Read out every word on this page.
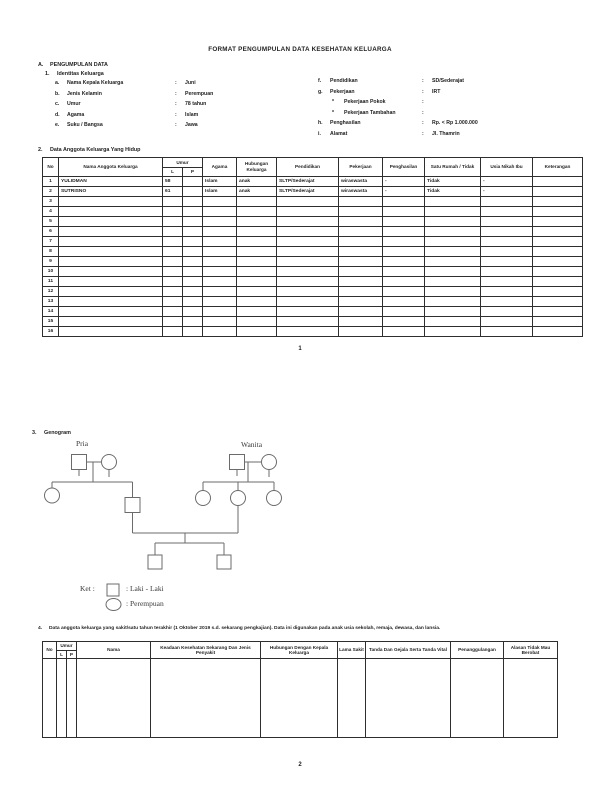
FORMAT PENGUMPULAN DATA KESEHATAN KELUARGA
A.	PENGUMPULAN DATA
1.	Identitas Keluarga
a.	Nama Kepala Keluarga	:	Juni
b.	Jenis Kelamin	:	Perempuan
c.	Umur	:	78 tahun
d.	Agama	:	Islam
e.	Suku / Bangsa	:	Jawa
f.	Pendidikan	:	SD/Sederajat
g.	Pekerjaan	:	IRT
*	Pekerjaan Pokok	:
*	Pekerjaan Tambahan	:
h.	Penghasilan	:	Rp. < Rp 1.000.000
i.	Alamat	:	Jl. Thamrin
2.	Data Anggota Keluarga Yang Hidup
No	Nama Anggota Keluarga	Umur		Agama	Hubungan Keluarga	Pendidikan	Pekerjaan	Penghasilan	Satu Rumah / Tidak	Usia Nikah Ibu	Keterangan
		L	P								
1	YULIDMAN	58		Islam	anak	SLTP/Sederajat	wiraswasta	-	Tidak	-	
2	SUTRISNO	61		Islam	anak	SLTP/Sederajat	wiraswasta	-	Tidak	-	
3											
4											
5											
6											
7											
8											
9											
10											
11											
12											
13											
14											
15											
16											
1
3.	Genogram
Pria	Wanita
Ket :	: Laki - Laki
: Perempuan
4.	Data anggota keluarga yang sakit/satu tahun terakhir (1 Oktober 2019 s.d. sekarang pengkajian). Data ini digunakan pada anak usia sekolah, remaja, dewasa, dan lansia.
No	Umur		Nama	Keadaan Kesehatan Sekarang Dan Jenis Penyakit	Hubungan Dengan Kepala Keluarga	Lama Sakit	Tanda Dan Gejala Serta Tanda Vital	Penanggulangan	Alasan Tidak Mau Berobat
	L	P							

2
